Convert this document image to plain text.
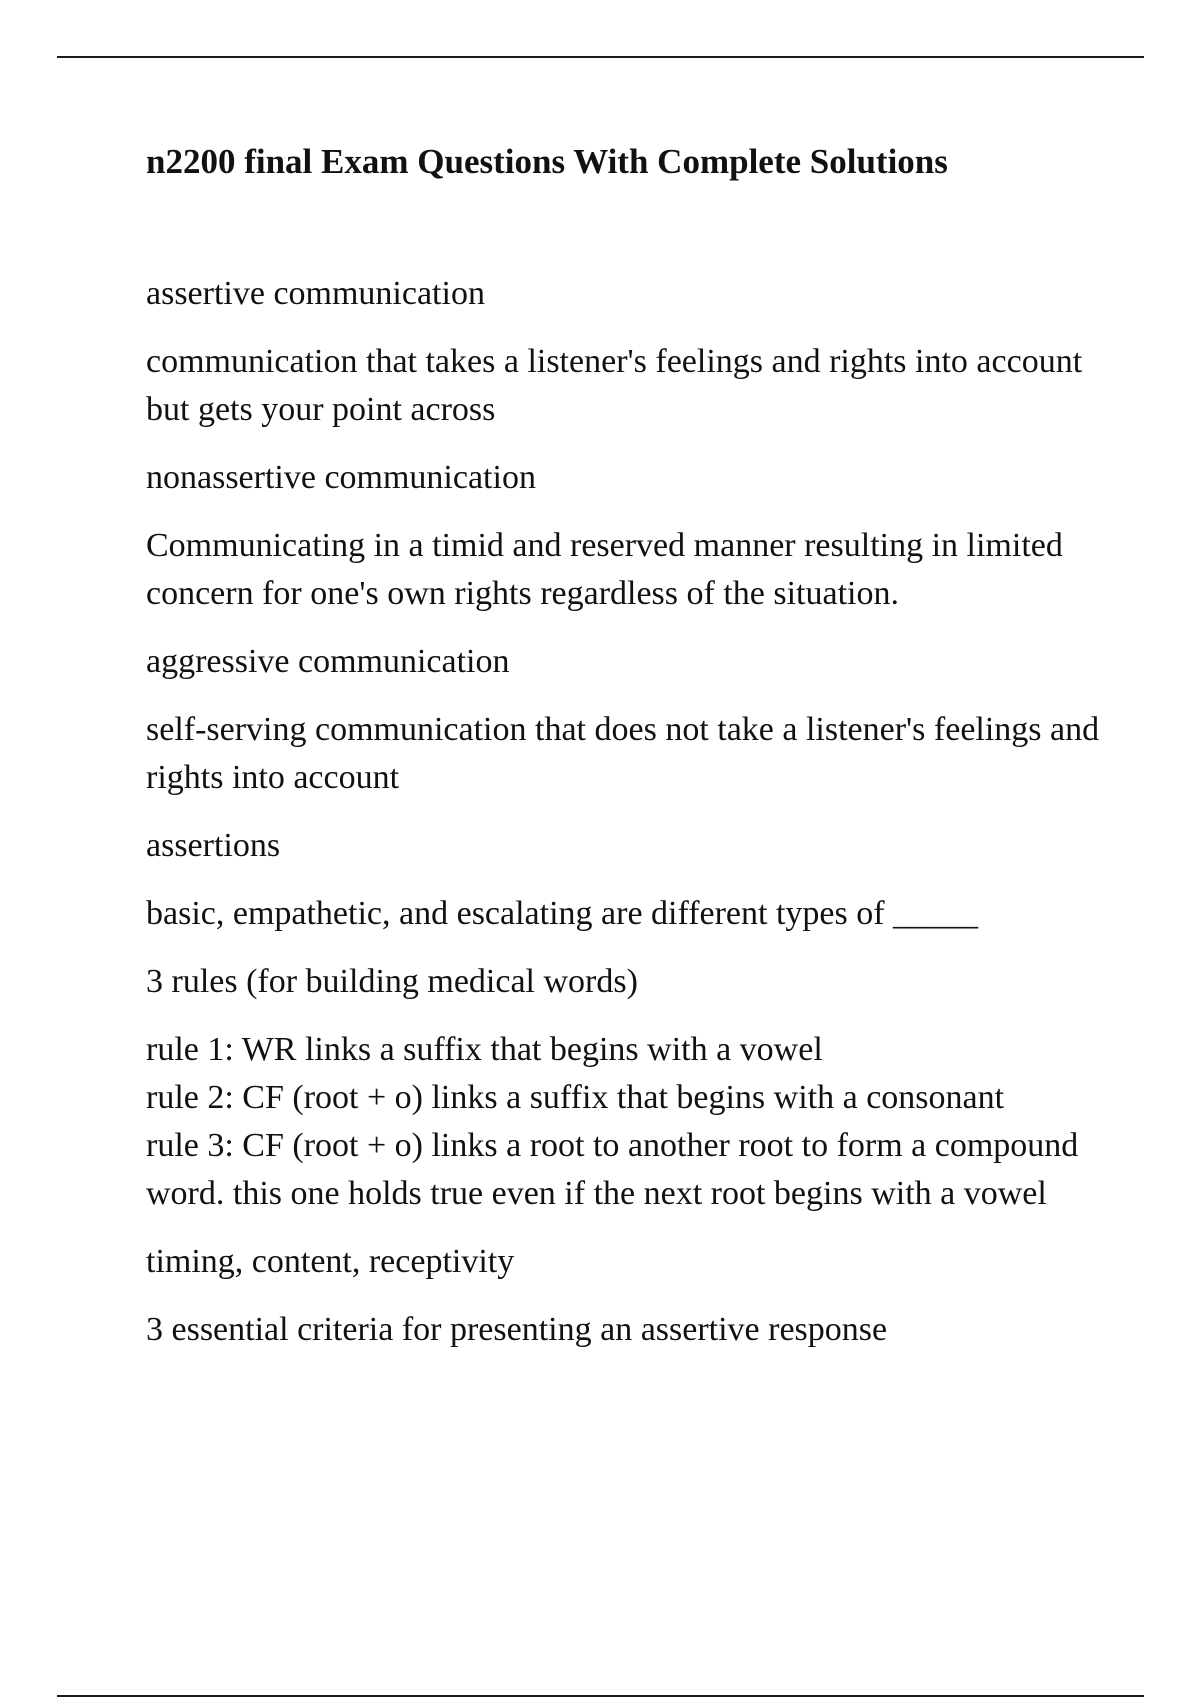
n2200 final Exam Questions With Complete Solutions

assertive communication

communication that takes a listener's feelings and rights into account but gets your point across

nonassertive communication

Communicating in a timid and reserved manner resulting in limited concern for one's own rights regardless of the situation.

aggressive communication

self-serving communication that does not take a listener's feelings and rights into account

assertions

basic, empathetic, and escalating are different types of _____

3 rules (for building medical words)

rule 1: WR links a suffix that begins with a vowel
rule 2: CF (root + o) links a suffix that begins with a consonant
rule 3: CF (root + o) links a root to another root to form a compound word. this one holds true even if the next root begins with a vowel

timing, content, receptivity

3 essential criteria for presenting an assertive response
